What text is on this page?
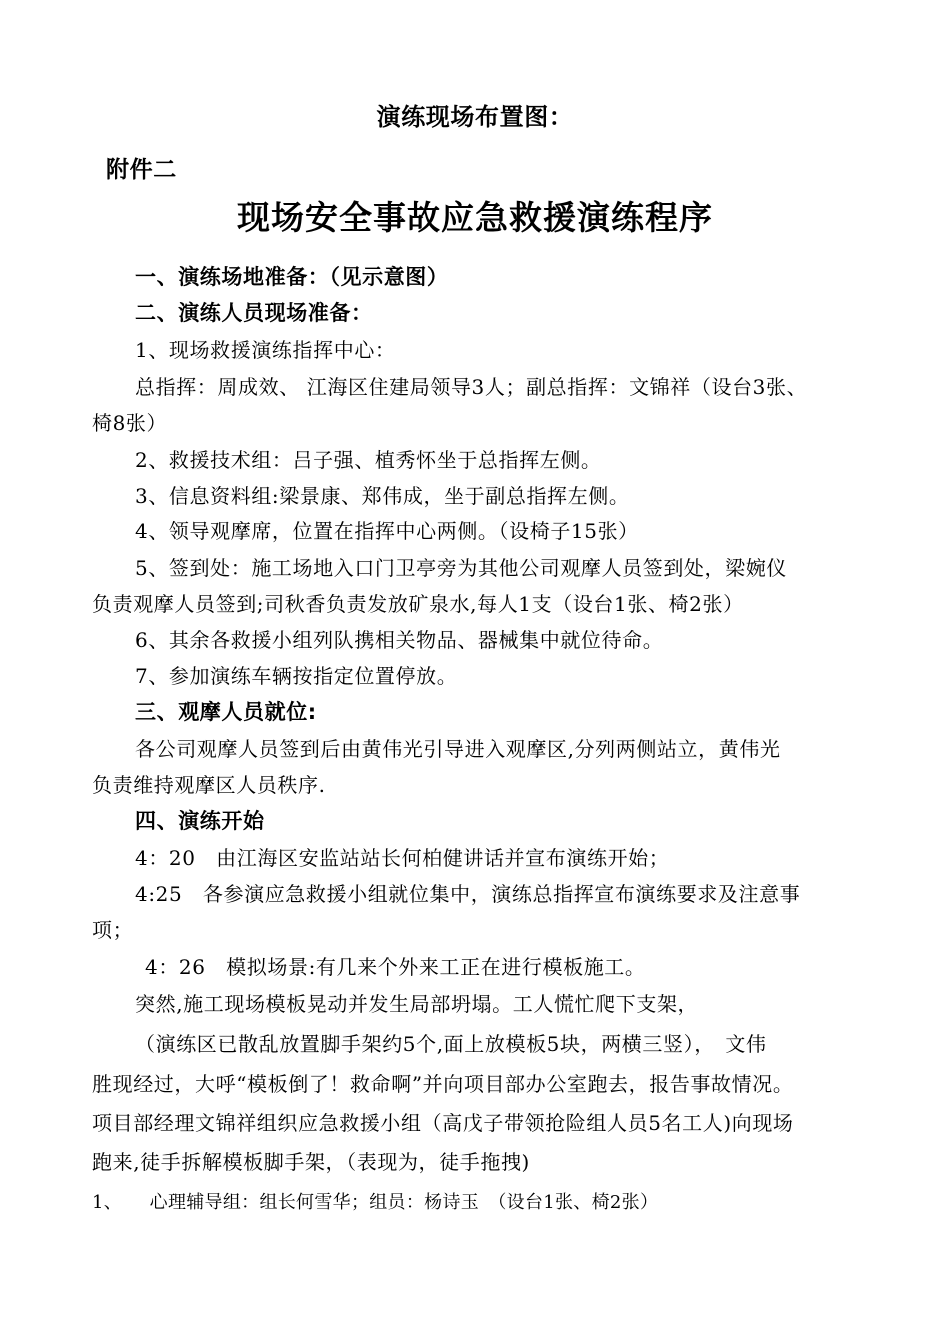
演练现场布置图：
附件二
现场安全事故应急救援演练程序
一、演练场地准备：（见示意图）
二、演练人员现场准备：
1、现场救援演练指挥中心：
总指挥：周成效、 江海区住建局领导3人；副总指挥：文锦祥（设台3张、
椅8张）
2、救援技术组：吕子强、植秀怀坐于总指挥左侧。
3、信息资料组:梁景康、郑伟成，坐于副总指挥左侧。
4、领导观摩席，位置在指挥中心两侧。（设椅子15张）
5、签到处：施工场地入口门卫亭旁为其他公司观摩人员签到处，梁婉仪
负责观摩人员签到;司秋香负责发放矿泉水,每人1支（设台1张、椅2张）
6、其余各救援小组列队携相关物品、器械集中就位待命。
7、参加演练车辆按指定位置停放。
三、观摩人员就位:
各公司观摩人员签到后由黄伟光引导进入观摩区,分列两侧站立，黄伟光
负责维持观摩区人员秩序.
四、演练开始
4：20　由江海区安监站站长何柏健讲话并宣布演练开始；
4:25　各参演应急救援小组就位集中，演练总指挥宣布演练要求及注意事
项；
4：26　模拟场景:有几来个外来工正在进行模板施工。
突然,施工现场模板晃动并发生局部坍塌。工人慌忙爬下支架，
（演练区已散乱放置脚手架约5个,面上放模板5块，两横三竖），　文伟
胜现经过，大呼“模板倒了！救命啊”并向项目部办公室跑去，报告事故情况。
项目部经理文锦祥组织应急救援小组（高戊子带领抢险组人员5名工人)向现场
跑来,徒手拆解模板脚手架，（表现为，徒手拖拽)
1、　　心理辅导组：组长何雪华；组员：杨诗玉　（设台1张、椅2张）
